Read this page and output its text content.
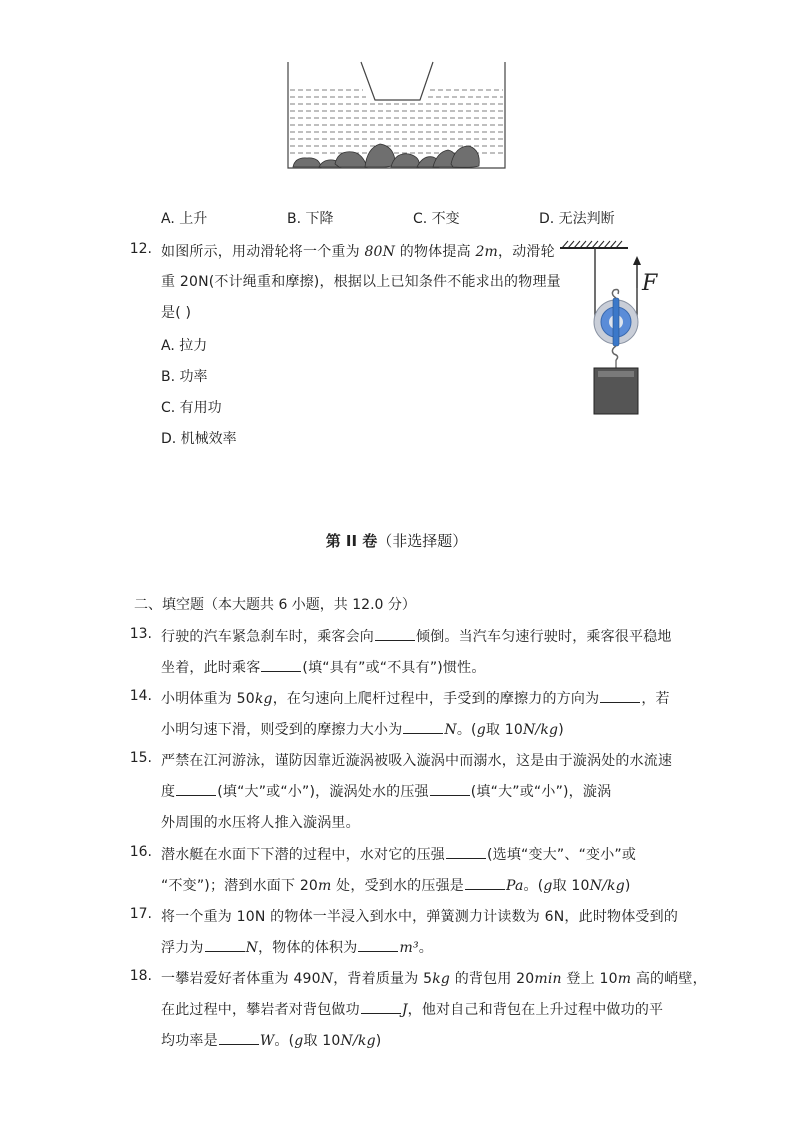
A. 上升	B. 下降	C. 不变	D. 无法判断
12. 如图所示，用动滑轮将一个重为 80N 的物体提高 2m，动滑轮
重 20N(不计绳重和摩擦)，根据以上已知条件不能求出的物理量
是( )
A. 拉力
B. 功率
C. 有用功
D. 机械效率
F
第 II 卷（非选择题）
二、填空题（本大题共 6 小题，共 12.0 分）
13. 行驶的汽车紧急刹车时，乘客会向	倾倒。当汽车匀速行驶时，乘客很平稳地
坐着，此时乘客	(填“具有”或“不具有”)惯性。
14. 小明体重为 50kg，在匀速向上爬杆过程中，手受到的摩擦力的方向为	，若
小明匀速下滑，则受到的摩擦力大小为	N。(g取 10N/kg)
15. 严禁在江河游泳，谨防因靠近漩涡被吸入漩涡中而溺水，这是由于漩涡处的水流速
度	(填“大”或“小”)，漩涡处水的压强	(填“大”或“小”)，漩涡
外周围的水压将人推入漩涡里。
16. 潜水艇在水面下下潜的过程中，水对它的压强	(选填“变大”、“变小”或
“不变”)；潜到水面下 20m 处，受到水的压强是	Pa。(g取 10N/kg)
17. 将一个重为 10N 的物体一半浸入到水中，弹簧测力计读数为 6N，此时物体受到的
浮力为	N，物体的体积为	m³。
18. 一攀岩爱好者体重为 490N，背着质量为 5kg 的背包用 20min 登上 10m 高的峭壁，
在此过程中，攀岩者对背包做功	J，他对自己和背包在上升过程中做功的平
均功率是	W。(g取 10N/kg)
